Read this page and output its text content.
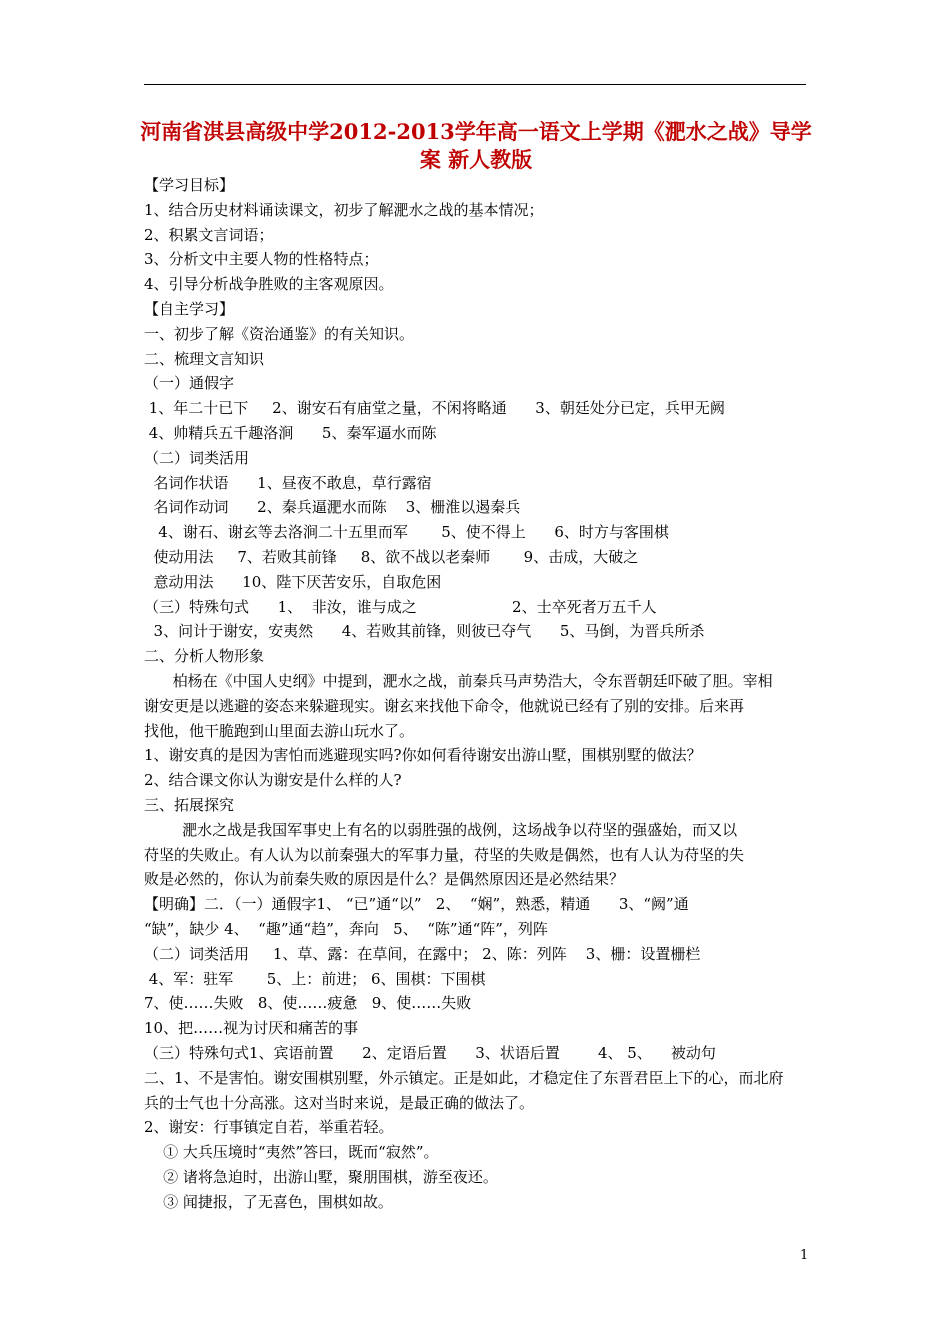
河南省淇县高级中学2012-2013学年高一语文上学期《淝水之战》导学案 新人教版
【学习目标】
1、结合历史材料诵读课文，初步了解淝水之战的基本情况；
2、积累文言词语；
3、分析文中主要人物的性格特点；
4、引导分析战争胜败的主客观原因。
【自主学习】
一、初步了解《资治通鉴》的有关知识。
二、梳理文言知识
（一）通假字
1、年二十已下     2、谢安石有庙堂之量，不闲将略通      3、朝廷处分已定，兵甲无阙
4、帅精兵五千趣洛涧      5、秦军逼水而陈
（二）词类活用
名词作状语      1、昼夜不敢息，草行露宿
名词作动词      2、秦兵逼淝水而陈    3、栅淮以遏秦兵
4、谢石、谢玄等去洛涧二十五里而军       5、使不得上      6、时方与客围棋
使动用法     7、若败其前锋     8、欲不战以老秦师       9、击成，大破之
意动用法      10、陛下厌苦安乐，自取危困
（三）特殊句式      1、  非汝，谁与成之                    2、士卒死者万五千人
3、问计于谢安，安夷然      4、若败其前锋，则彼已夺气      5、马倒，为晋兵所杀
二、分析人物形象
柏杨在《中国人史纲》中提到，淝水之战，前秦兵马声势浩大，令东晋朝廷吓破了胆。宰相
谢安更是以逃避的姿态来躲避现实。谢玄来找他下命令，他就说已经有了别的安排。后来再
找他，他干脆跑到山里面去游山玩水了。
1、谢安真的是因为害怕而逃避现实吗?你如何看待谢安出游山墅，围棋别墅的做法？
2、结合课文你认为谢安是什么样的人?
三、拓展探究
淝水之战是我国军事史上有名的以弱胜强的战例，这场战争以苻坚的强盛始，而又以
苻坚的失败止。有人认为以前秦强大的军事力量，苻坚的失败是偶然，也有人认为苻坚的失
败是必然的，你认为前秦失败的原因是什么？是偶然原因还是必然结果？
【明确】二．（一）通假字1、 “已”通“以”   2、  “娴”，熟悉，精通      3、“阙”通
“缺”，缺少 4、  “趣”通“趋”，奔向   5、  “陈”通“阵”，列阵
（二）词类活用     1、草、露：在草间，在露中； 2、陈：列阵    3、栅：设置栅栏
4、军：驻军       5、上：前进； 6、围棋：下围棋
7、使……失败   8、使……疲惫   9、使……失败
10、把……视为讨厌和痛苦的事
（三）特殊句式1、宾语前置      2、定语后置      3、状语后置        4、 5、    被动句
二、1、不是害怕。谢安围棋别墅，外示镇定。正是如此，才稳定住了东晋君臣上下的心，而北府
兵的士气也十分高涨。这对当时来说，是最正确的做法了。
2、谢安：行事镇定自若，举重若轻。
① 大兵压境时“夷然”答曰，既而“寂然”。
② 诸将急迫时，出游山墅，聚朋围棋，游至夜还。
③ 闻捷报，了无喜色，围棋如故。
1
